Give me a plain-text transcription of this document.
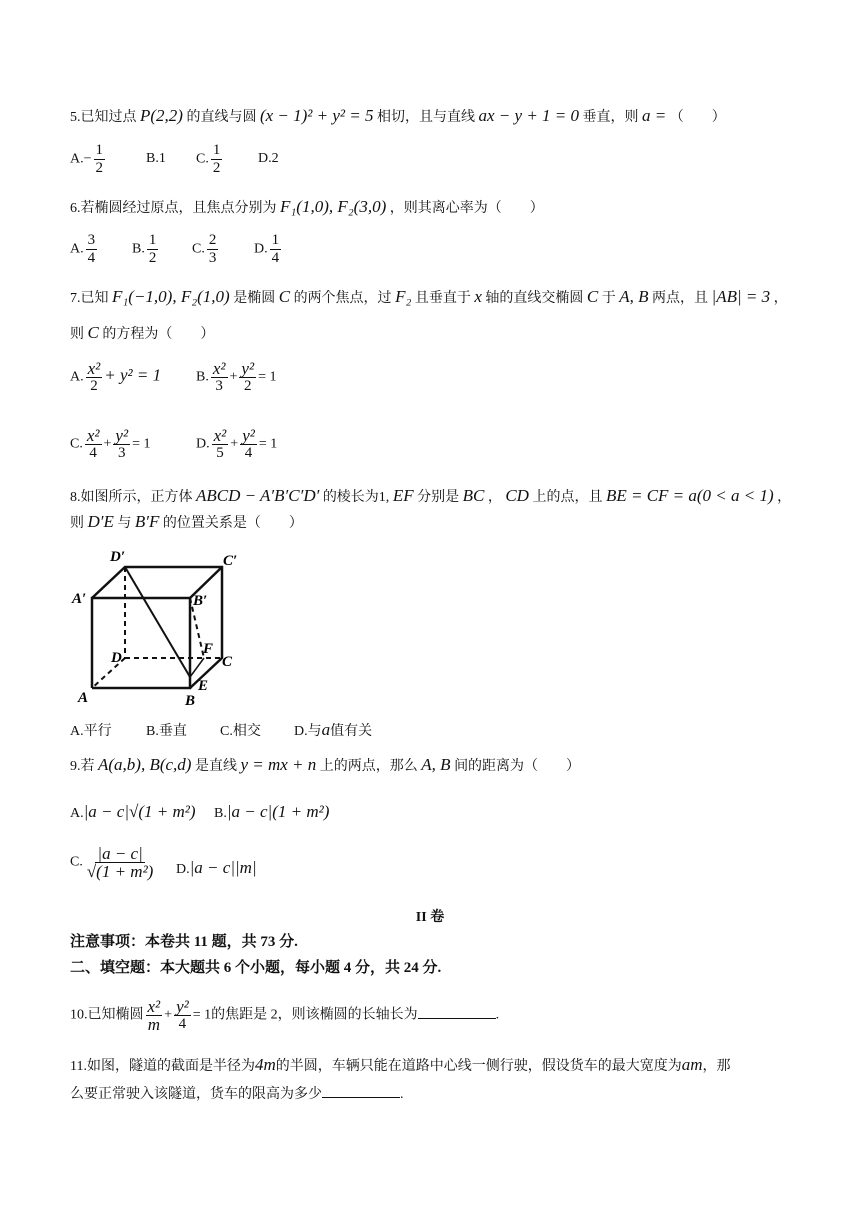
5.已知过点 P(2,2) 的直线与圆 (x − 1)² + y² = 5 相切，且与直线 ax − y + 1 = 0 垂直，则 a = （　　）
$A.- \frac{1}{2}$	B.1 C. $\frac{1}{2}$	D.2
6.若椭圆经过原点，且焦点分别为 F₁(1,0), F₂(3,0) ，则其离心率为（　　）
A. $\frac{3}{4} B$. $\frac{1}{2} C$. $\frac{2}{3}$	D. $\frac{1}{4}$
7.已知 F₁(−1,0), F₂(1,0) 是椭圆 C 的两个焦点，过 F₂ 且垂直于 x 轴的直线交椭圆 C 于 A, B 两点，且 |AB| = 3 ，
则 C 的方程为（　　）
A. $\frac{\text{x²}}{2} + y^2 = 1$ B. $\frac{\text{x²}}{3} + \frac{\text{y²}}{2} = 1$
C. $\frac{\text{x²}}{4} + \frac{\text{y²}}{3} = 1$	D. $\frac{\text{x²}}{5} + \frac{\text{y²}}{4} = 1$
8.如图所示，正方体 ABCD − A′B′C′D′ 的棱长为1, EF 分别是 BC ， CD 上的点，且 BE = CF = a(0 < a < 1) ，
则 D′E 与 B′F 的位置关系是（　　）
D′	C′
A′	B′
D	C
A	B
E
F
A.平行 B.垂直 C.相交 D.与a值有关
9.若 A(a,b), B(c,d) 是直线 y = mx + n 上的两点，那么 A, B 间的距离为（　　）
A.|a − c|√(1 + m²) B.|a − c|(1 + m²)
C. $\frac{|a - c|}{\text{√(1 + m²)}} D.|a - c||m|$
II 卷
注意事项：本卷共 11 题，共 73 分.
二、填空题：本大题共 6 个小题，每小题 4 分，共 24 分.
10.已知椭圆 $\frac{\text{x²}}{m} + \frac{\text{y²}}{4} = 1$的焦距是 2，则该椭圆的长轴长为	.
11.如图，隧道的截面是半径为4m的半圆，车辆只能在道路中心线一侧行驶，假设货车的最大宽度为am，那
么要正常驶入该隧道，货车的限高为多少	.
